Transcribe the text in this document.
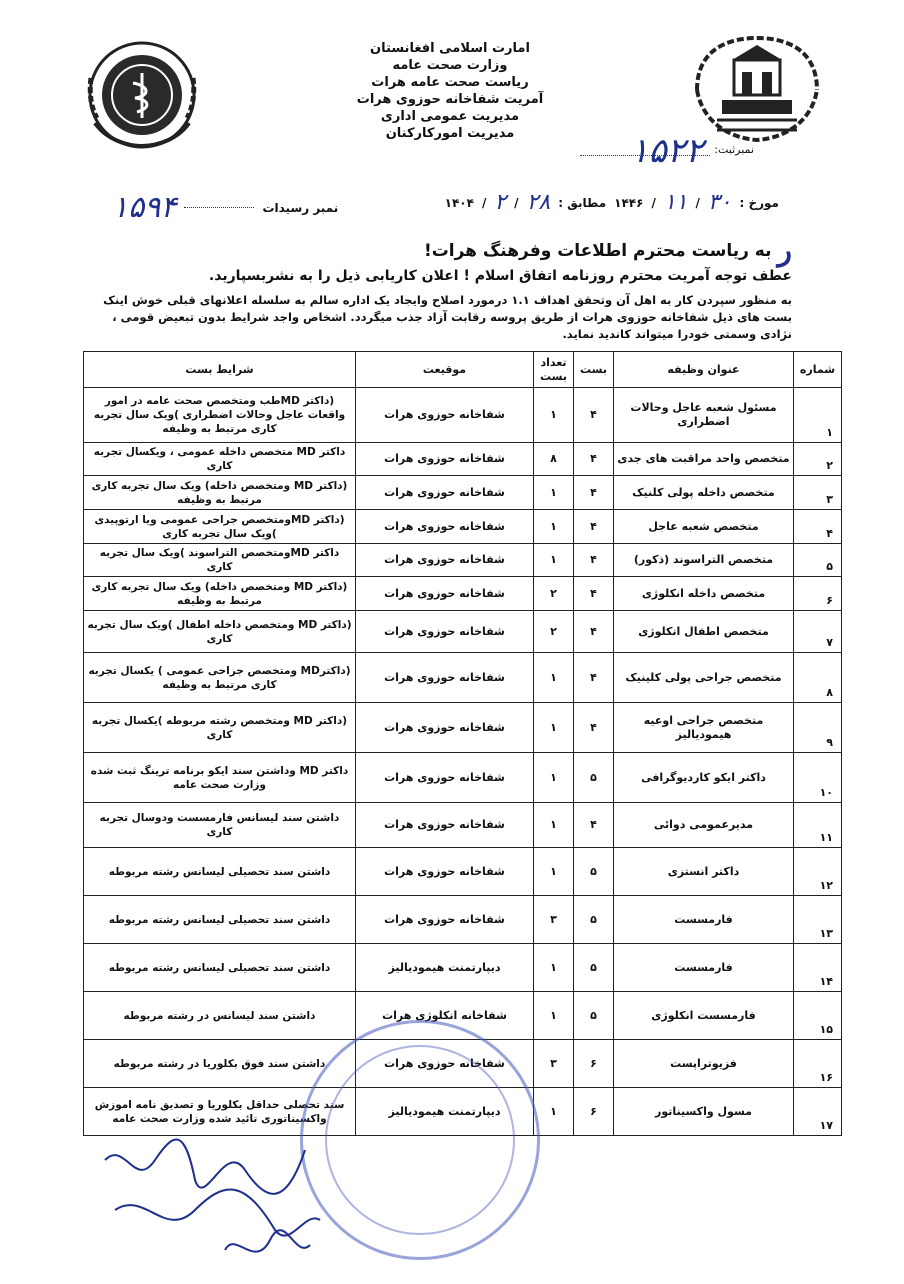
امارت اسلامی افغانستان
وزارت صحت عامه
ریاست صحت عامه هرات
آمریت شفاخانه حوزوی هرات
مدیریت عمومی اداری
مدیریت امورکارکنان
نمبرثبت:
۱۵۲۲
مورخ :
۳۰
/
۱۱
/
۱۴۴۶
مطابق :
۲۸
/
۲
/
۱۴۰۴
نمبر رسیدات
۱۵۹۴
ر
به ریاست محترم اطلاعات وفرهنگ هرات!
عطف توجه آمریت محترم روزنامه اتفاق اسلام ! اعلان کاریابی ذیل را به نشربسپارید.
به منظور سپردن کار به اهل آن وتحقق اهداف ۱.۱ درمورد اصلاح وایجاد یک اداره سالم به سلسله اعلانهای قبلی خوش اینک بست های ذیل شفاخانه حوزوی هرات از طریق پروسه رقابت آزاد جذب میگردد. اشخاص واجد شرایط بدون تبعیض قومی ، نژادی وسمتی خودرا میتواند کاندید نماید.
شماره	عنوان وظیفه	بست	تعداد بست	موقیعت	شرایط بست
۱	مسئول شعبه عاجل وحالات اضطراری	۴	۱	شفاخانه حوزوی هرات	(داکتر MDطب ومتخصص صحت عامه در امور واقعات عاجل وحالات اضطراری )ویک سال تجربه کاری مرتبط به وظیفه
۲	متخصص واحد مراقبت های جدی	۴	۸	شفاخانه حوزوی هرات	داکتر MD متخصص داخله عمومی ، ویکسال تجربه کاری
۳	متخصص داخله پولی کلنیک	۴	۱	شفاخانه حوزوی هرات	(داکتر MD ومتخصص داخله) ویک سال تجربه کاری مرتبط به وظیفه
۴	متخصص شعبه عاجل	۴	۱	شفاخانه حوزوی هرات	(داکتر MDومتخصص جراحی عمومی ویا ارتوپیدی )ویک سال تجربه کاری
۵	متخصص التراسوند (ذکور)	۴	۱	شفاخانه حوزوی هرات	داکتر MDومتخصص التراسوند )ویک سال تجربه کاری
۶	متخصص داخله انکلوژی	۴	۲	شفاخانه حوزوی هرات	(داکتر MD ومتخصص داخله) ویک سال تجربه کاری مرتبط به وظیفه
۷	متخصص اطفال انکلوژی	۴	۲	شفاخانه حوزوی هرات	(داکتر MD ومتخصص داخله اطفال )ویک سال تجربه کاری
۸	متخصص جراحی پولی کلینیک	۴	۱	شفاخانه حوزوی هرات	(داکترMD ومتخصص جراحی عمومی ) یکسال تجربه کاری مرتبط به وظیفه
۹	متخصص جراحی اوعیه هیمودیالیز	۴	۱	شفاخانه حوزوی هرات	(داکتر MD ومتخصص رشته مربوطه )یکسال تجربه کاری
۱۰	داکتر ایکو کاردیوگرافی	۵	۱	شفاخانه حوزوی هرات	داکتر MD وداشتن سند ایکو برنامه ترینگ ثبت شده وزارت صحت عامه
۱۱	مدیرعمومی دوائی	۴	۱	شفاخانه حوزوی هرات	داشتن سند لیسانس فارمسست ودوسال تجربه کاری
۱۲	داکتر انستزی	۵	۱	شفاخانه حوزوی هرات	داشتن سند تحصیلی لیسانس رشته مربوطه
۱۳	فارمسست	۵	۳	شفاخانه حوزوی هرات	داشتن سند تحصیلی لیسانس رشته مربوطه
۱۴	فارمسست	۵	۱	دیپارتمنت هیمودیالیز	داشتن سند تحصیلی لیسانس رشته مربوطه
۱۵	فارمسست انکلوژی	۵	۱	شفاخانه انکلوژی هرات	داشتن سند لیسانس در رشته مربوطه
۱۶	فزیوتراپست	۶	۳	شفاخانه حوزوی هرات	داشتن سند فوق بکلوریا در رشته مربوطه
۱۷	مسول واکسیناتور	۶	۱	دیپارتمنت هیمودیالیز	سند تحصلی حداقل بکلوریا و تصدیق نامه اموزش واکسیناتوری تائید شده وزارت صحت عامه
